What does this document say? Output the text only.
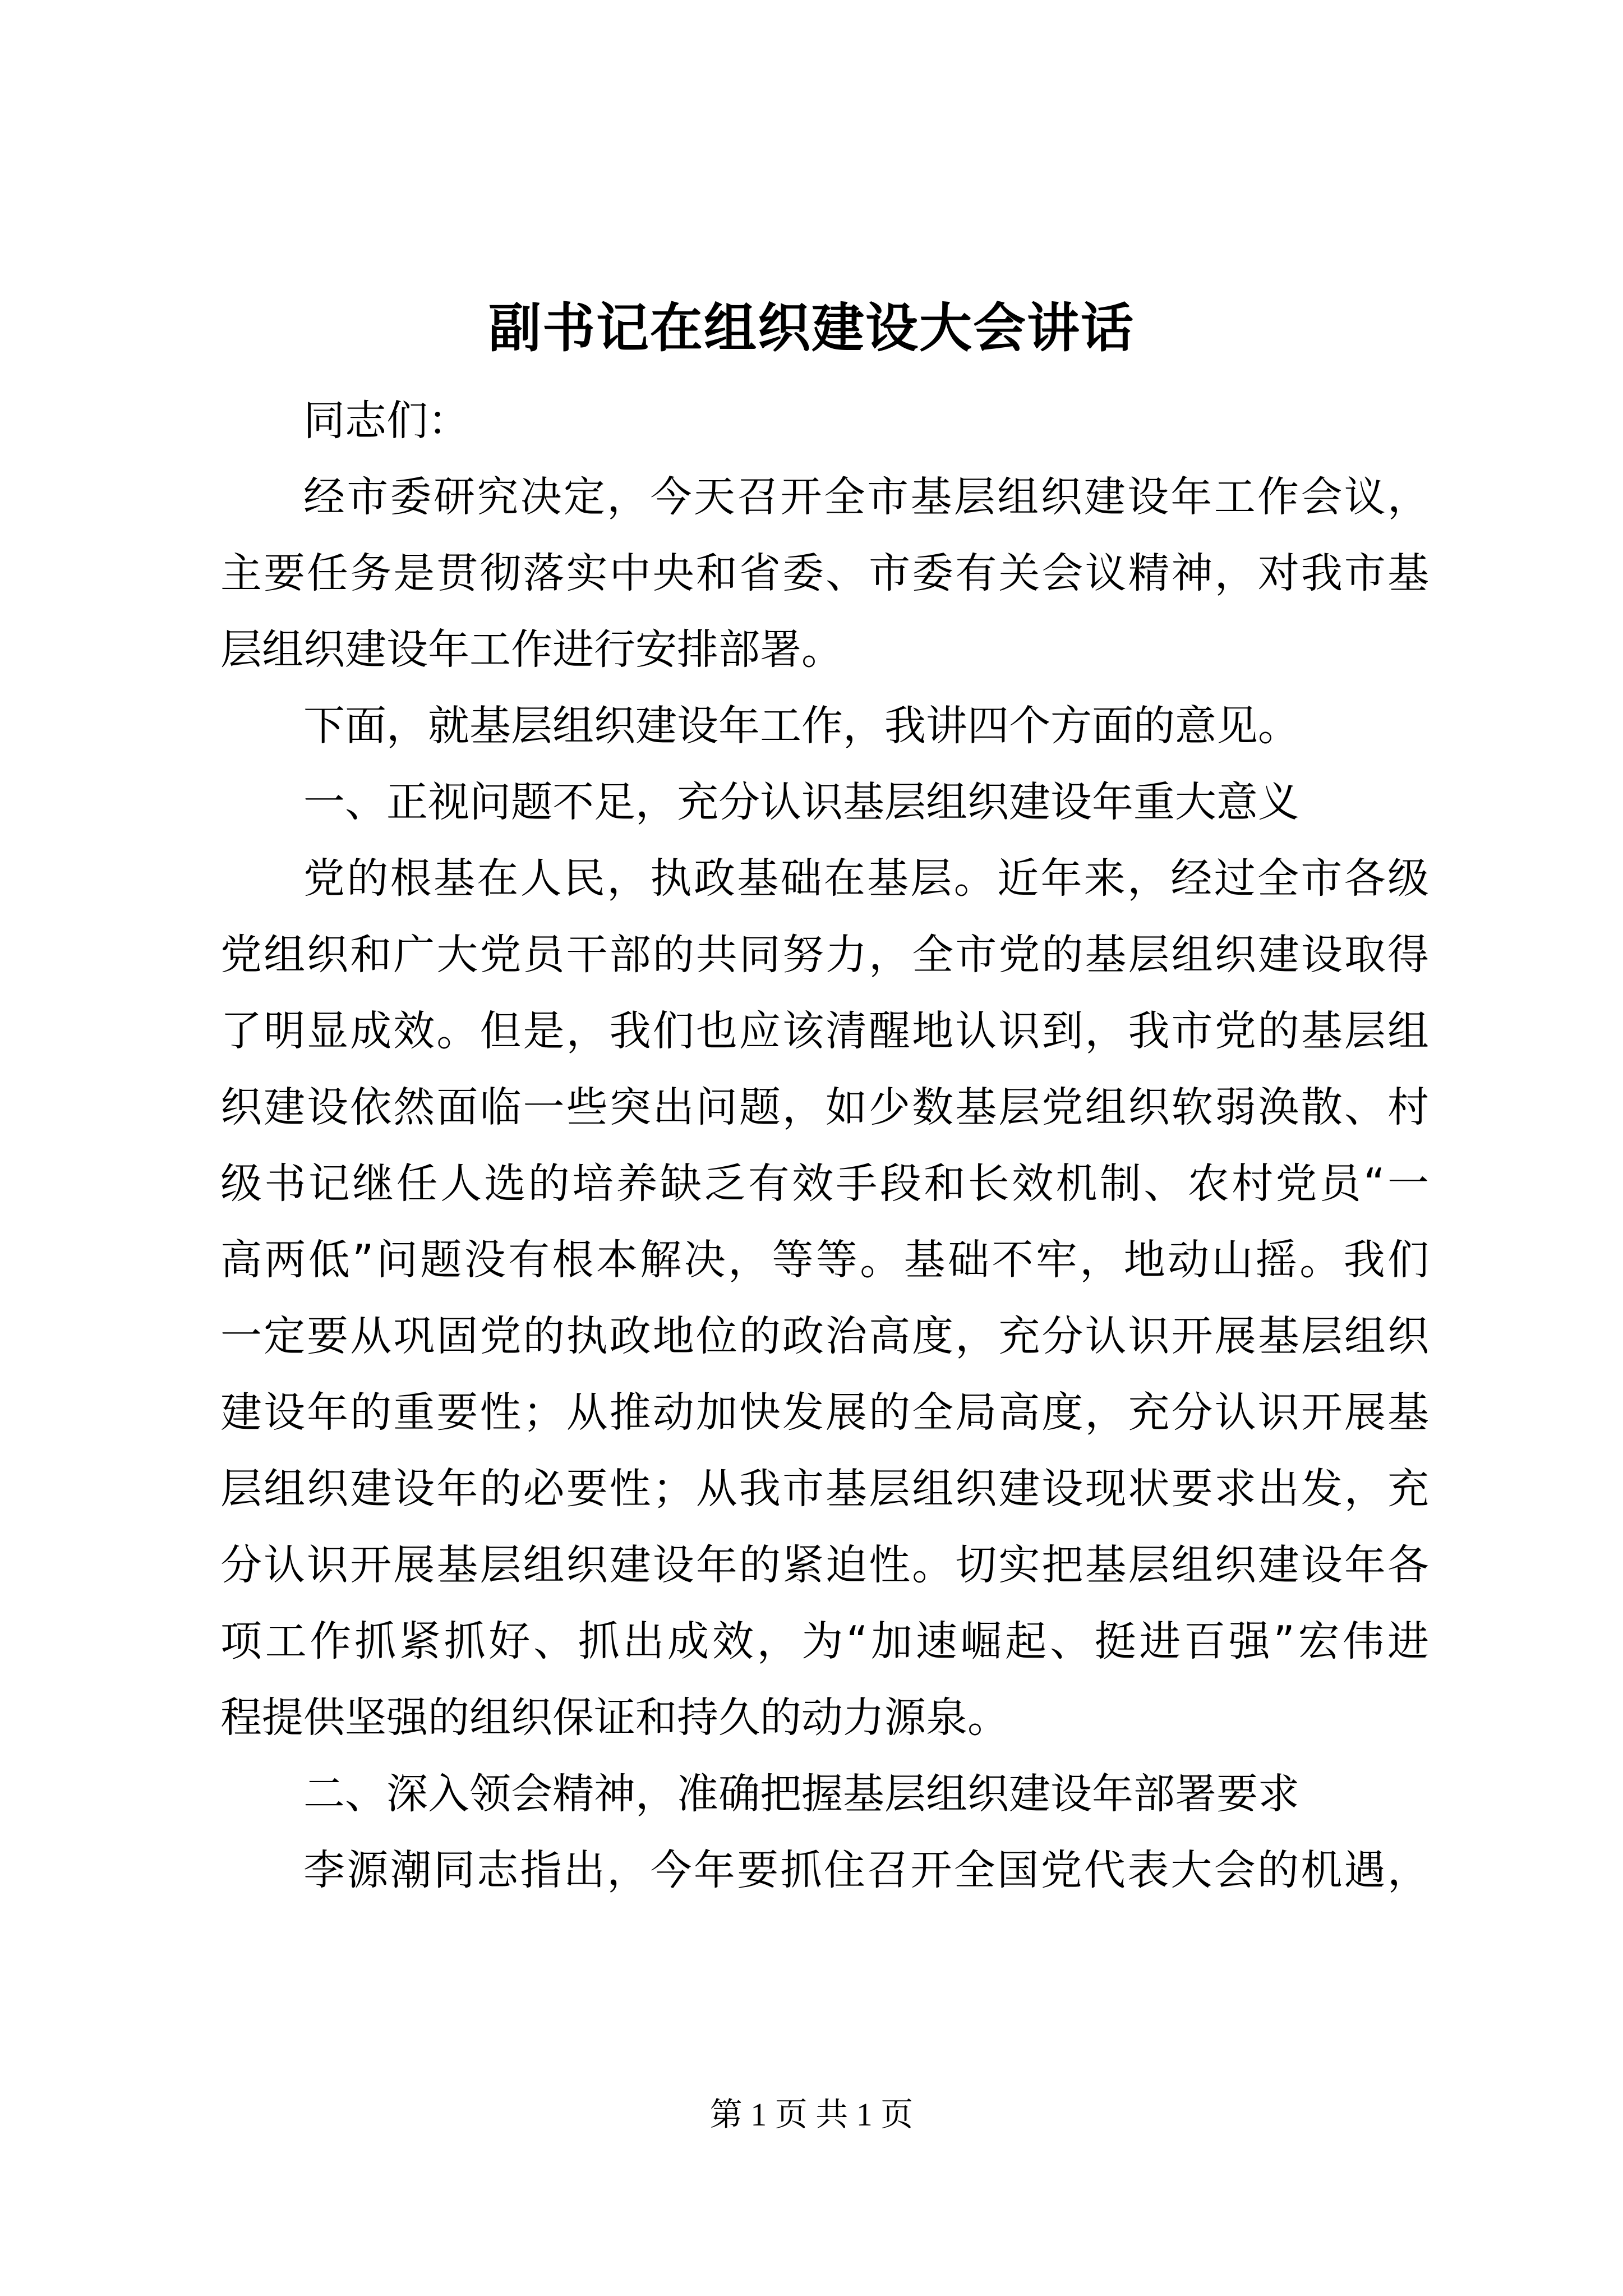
副书记在组织建设大会讲话
同志们：
经市委研究决定，今天召开全市基层组织建设年工作会议，
主要任务是贯彻落实中央和省委、市委有关会议精神，对我市基
层组织建设年工作进行安排部署。
下面，就基层组织建设年工作，我讲四个方面的意见。
一、正视问题不足，充分认识基层组织建设年重大意义
党的根基在人民，执政基础在基层。近年来，经过全市各级
党组织和广大党员干部的共同努力，全市党的基层组织建设取得
了明显成效。但是，我们也应该清醒地认识到，我市党的基层组
织建设依然面临一些突出问题，如少数基层党组织软弱涣散、村
级书记继任人选的培养缺乏有效手段和长效机制、农村党员“一
高两低”问题没有根本解决，等等。基础不牢，地动山摇。我们
一定要从巩固党的执政地位的政治高度，充分认识开展基层组织
建设年的重要性；从推动加快发展的全局高度，充分认识开展基
层组织建设年的必要性；从我市基层组织建设现状要求出发，充
分认识开展基层组织建设年的紧迫性。切实把基层组织建设年各
项工作抓紧抓好、抓出成效，为“加速崛起、挺进百强”宏伟进
程提供坚强的组织保证和持久的动力源泉。
二、深入领会精神，准确把握基层组织建设年部署要求
李源潮同志指出，今年要抓住召开全国党代表大会的机遇，
第 1 页 共 1 页
